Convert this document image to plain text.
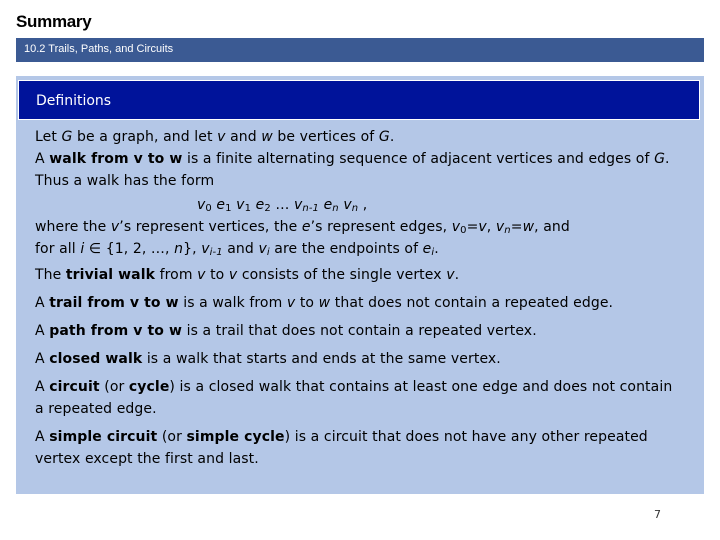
Summary
10.2 Trails, Paths, and Circuits
Definitions

Let G be a graph, and let v and w be vertices of G.

A walk from v to w is a finite alternating sequence of adjacent vertices and edges of G.

Thus a walk has the form

$v_0$ $e_1$ $v_1$ $e_2$ … $v_{n-1}$ $e_n$ $v_n$ ,

where the v’s represent vertices, the e’s represent edges, $v_0=v$, $v_n=w$, and
for all i ∈ {1, 2, …, n}, $v_{i-1}$ and $v_i$ are the endpoints of $e_i$.

The trivial walk from v to v consists of the single vertex v.

A trail from v to w is a walk from v to w that does not contain a repeated edge.

A path from v to w is a trail that does not contain a repeated vertex.

A closed walk is a walk that starts and ends at the same vertex.

A circuit (or cycle) is a closed walk that contains at least one edge and does not contain a repeated edge.

A simple circuit (or simple cycle) is a circuit that does not have any other repeated vertex except the first and last.

7
